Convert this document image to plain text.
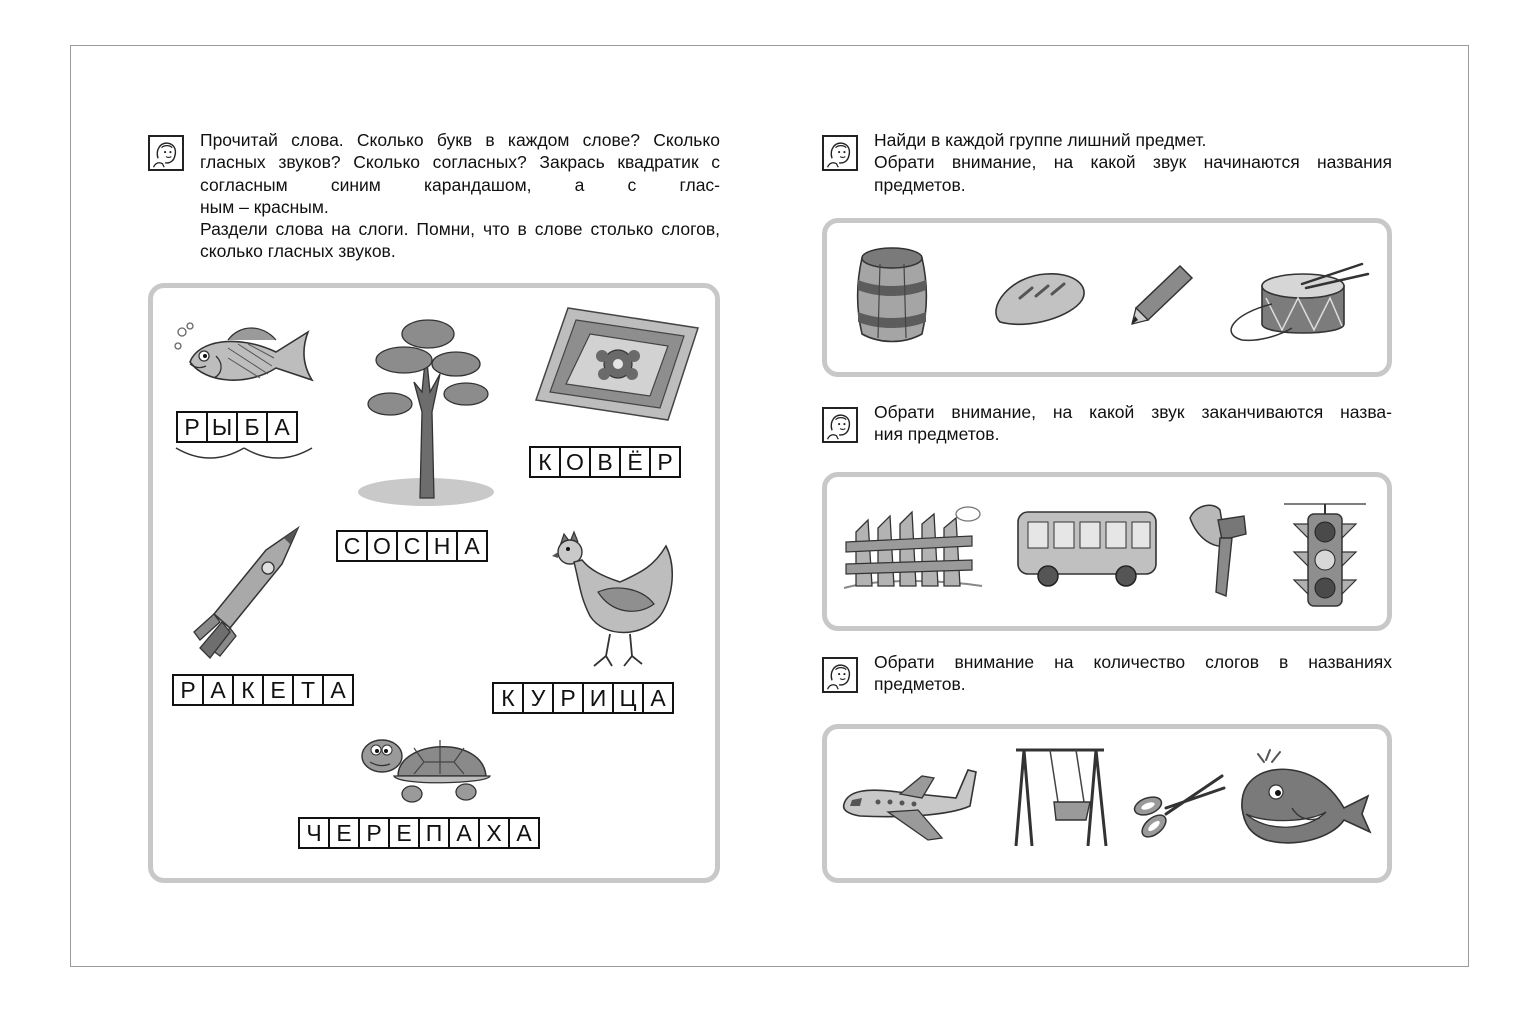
Прочитай слова. Сколько букв в каждом слове? Сколько гласных звуков? Сколько согласных? Закрась квадратик с согласным синим карандашом, а с глас-

ным – красным.

Раздели слова на слоги. Помни, что в слове столько слогов, сколько гласных звуков.

Р Ы Б А
С О С Н А
К О В Ё Р
Р А К Е Т А	К У Р И Ц А
Ч Е Р Е П А Х А

Найди в каждой группе лишний предмет.

Обрати внимание, на какой звук начинаются названия

предметов.

Обрати внимание, на какой звук заканчиваются назва-

ния предметов.

Обрати внимание на количество слогов в названиях

предметов.
